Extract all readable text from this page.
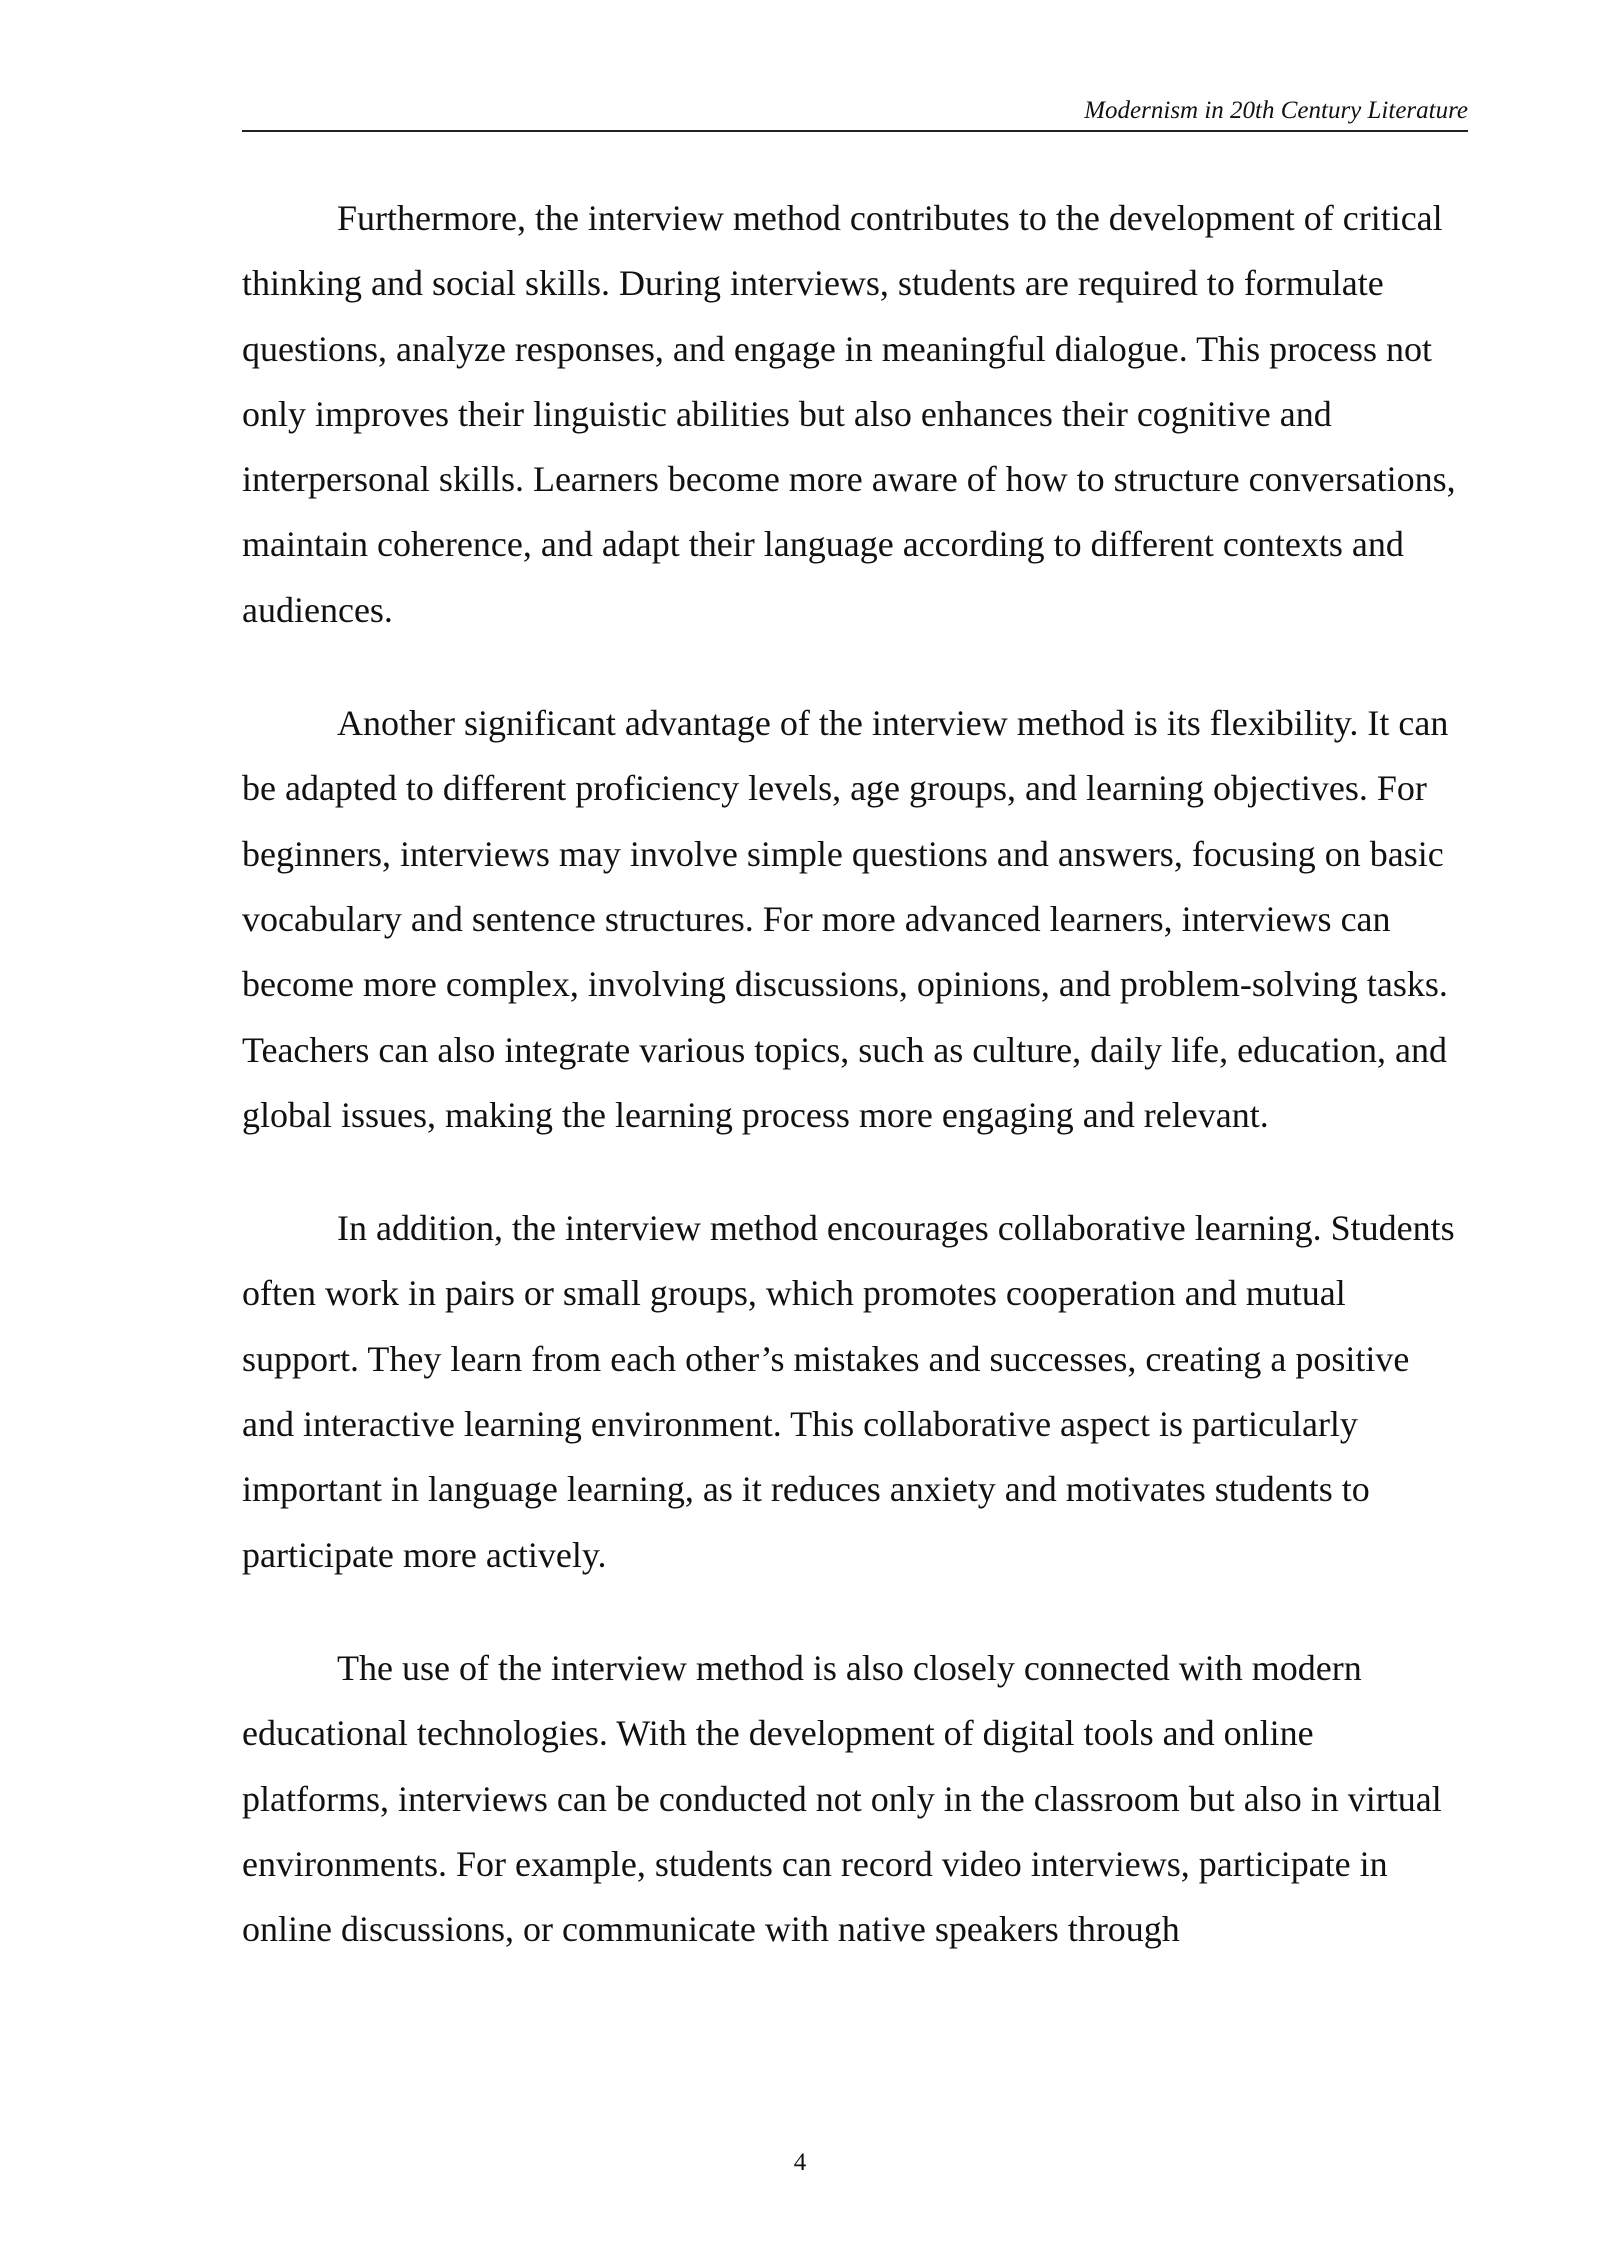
Modernism in 20th Century Literature

Furthermore, the interview method contributes to the development of critical thinking and social skills. During interviews, students are required to formulate questions, analyze responses, and engage in meaningful dialogue. This process not only improves their linguistic abilities but also enhances their cognitive and interpersonal skills. Learners become more aware of how to structure conversations, maintain coherence, and adapt their language according to different contexts and audiences.

Another significant advantage of the interview method is its flexibility. It can be adapted to different proficiency levels, age groups, and learning objectives. For beginners, interviews may involve simple questions and answers, focusing on basic vocabulary and sentence structures. For more advanced learners, interviews can become more complex, involving discussions, opinions, and problem-solving tasks. Teachers can also integrate various topics, such as culture, daily life, education, and global issues, making the learning process more engaging and relevant.

In addition, the interview method encourages collaborative learning. Students often work in pairs or small groups, which promotes cooperation and mutual support. They learn from each other’s mistakes and successes, creating a positive and interactive learning environment. This collaborative aspect is particularly important in language learning, as it reduces anxiety and motivates students to participate more actively.

The use of the interview method is also closely connected with modern educational technologies. With the development of digital tools and online platforms, interviews can be conducted not only in the classroom but also in virtual environments. For example, students can record video interviews, participate in online discussions, or communicate with native speakers through

4
